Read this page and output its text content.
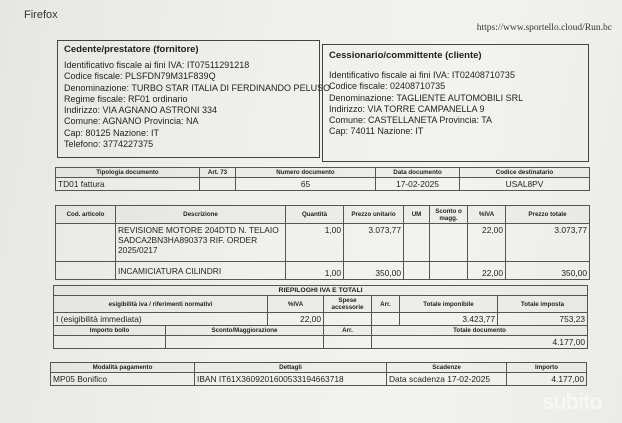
Firefox
https://www.sportello.cloud/Run.bc
Cedente/prestatore (fornitore)
Identificativo fiscale ai fini IVA: IT07511291218
Codice fiscale: PLSFDN79M31F839Q
Denominazione: TURBO STAR ITALIA DI FERDINANDO PELUSO
Regime fiscale: RF01 ordinario
Indirizzo: VIA AGNANO ASTRONI 334
Comune: AGNANO Provincia: NA
Cap: 80125 Nazione: IT
Telefono: 3774227375
Cessionario/committente (cliente)
Identificativo fiscale ai fini IVA: IT02408710735
Codice fiscale: 02408710735
Denominazione: TAGLIENTE AUTOMOBILI SRL
Indirizzo: VIA TORRE CAMPANELLA 9
Comune: CASTELLANETA Provincia: TA
Cap: 74011 Nazione: IT
Tipologia documento	Art. 73	Numero documento	Data documento	Codice destinatario
TD01 fattura		65	17-02-2025	USAL8PV
Cod. articolo	Descrizione	Quantità	Prezzo unitario	UM	Sconto o magg.	%IVA	Prezzo totale

	REVISIONE MOTORE 204DTD N. TELAIO
SADCA2BN3HA890373 RIF. ORDER
2025/0217	1,00	3.073,77			22,00	3.073,77

	INCAMICIATURA CILINDRI	1,00	350,00			22,00	350,00
RIEPILOGHI IVA E TOTALI						
esigibilità iva / riferimenti normativi		%IVA	Spese accessorie	Arr.	Totale imponibile	Totale imposta
I (esigibilità immediata)		22,00			3.423,77	753,23
Importo bollo	Sconto/Maggiorazione		Arr.	Totale documento		
				4.177,00		
Modalità pagamento	Dettagli	Scadenze	Importo
MP05 Bonifico	IBAN IT61X3609201600533194663718	Data scadenza 17-02-2025	4.177,00
subito
